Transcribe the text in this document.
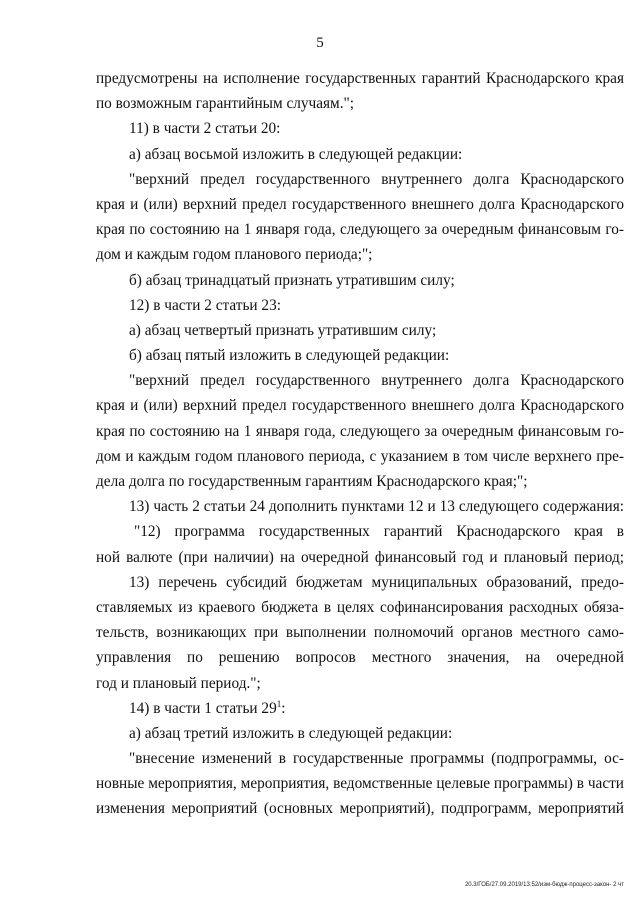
5
предусмотрены на исполнение государственных гарантий Краснодарского края
по возможным гарантийным случаям.";
11) в части 2 статьи 20:
а) абзац восьмой изложить в следующей редакции:
"верхний предел государственного внутреннего долга Краснодарского
края и (или) верхний предел государственного внешнего долга Краснодарского
края по состоянию на 1 января года, следующего за очередным финансовым го-
дом и каждым годом планового периода;";
б) абзац тринадцатый признать утратившим силу;
12) в части 2 статьи 23:
а) абзац четвертый признать утратившим силу;
б) абзац пятый изложить в следующей редакции:
"верхний предел государственного внутреннего долга Краснодарского
края и (или) верхний предел государственного внешнего долга Краснодарского
края по состоянию на 1 января года, следующего за очередным финансовым го-
дом и каждым годом планового периода, с указанием в том числе верхнего пре-
дела долга по государственным гарантиям Краснодарского края;";
13) часть 2 статьи 24 дополнить пунктами 12 и 13 следующего содержания:
"12) программа государственных гарантий Краснодарского края в
ной валюте (при наличии) на очередной финансовый год и плановый период;
13) перечень субсидий бюджетам муниципальных образований, предо-
ставляемых из краевого бюджета в целях софинансирования расходных обяза-
тельств, возникающих при выполнении полномочий органов местного само-
управления по решению вопросов местного значения, на очередной
год и плановый период.";
14) в части 1 статьи $29^1$:
а) абзац третий изложить в следующей редакции:
"внесение изменений в государственные программы (подпрограммы, ос-
новные мероприятия, мероприятия, ведомственные целевые программы) в части
изменения мероприятий (основных мероприятий), подпрограмм, мероприятий
20.3/ГОБ/27.09.2019/13:52/изм-бюдж-процесс-закон- 2 чт
